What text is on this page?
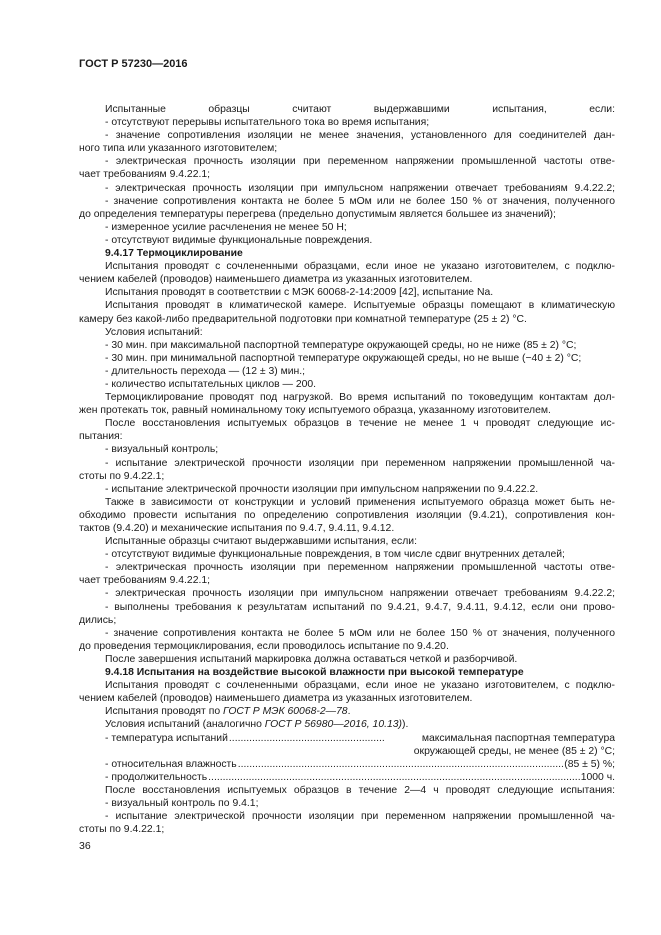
ГОСТ Р 57230—2016

Испытанные образцы считают выдержавшими испытания, если:

- отсутствуют перерывы испытательного тока во время испытания;

- значение сопротивления изоляции не менее значения, установленного для соединителей дан-

ного типа или указанного изготовителем;

- электрическая прочность изоляции при переменном напряжении промышленной частоты отве-

чает требованиям 9.4.22.1;

- электрическая прочность изоляции при импульсном напряжении отвечает требованиям 9.4.22.2;

- значение сопротивления контакта не более 5 мОм или не более 150 % от значения, полученного

до определения температуры перегрева (предельно допустимым является большее из значений);

- измеренное усилие расчленения не менее 50 Н;

- отсутствуют видимые функциональные повреждения.

9.4.17 Термоциклирование

Испытания проводят с сочлененными образцами, если иное не указано изготовителем, с подклю-

чением кабелей (проводов) наименьшего диаметра из указанных изготовителем.

Испытания проводят в соответствии с МЭК 60068-2-14:2009 [42], испытание Na.

Испытания проводят в климатической камере. Испытуемые образцы помещают в климатическую

камеру без какой-либо предварительной подготовки при комнатной температуре (25 ± 2) °С.

Условия испытаний:

- 30 мин. при максимальной паспортной температуре окружающей среды, но не ниже (85 ± 2) °С;

- 30 мин. при минимальной паспортной температуре окружающей среды, но не выше (−40 ± 2) °С;

- длительность перехода — (12 ± 3) мин.;

- количество испытательных циклов — 200.

Термоциклирование проводят под нагрузкой. Во время испытаний по токоведущим контактам дол-

жен протекать ток, равный номинальному току испытуемого образца, указанному изготовителем.

После восстановления испытуемых образцов в течение не менее 1 ч проводят следующие ис-

пытания:

- визуальный контроль;

- испытание электрической прочности изоляции при переменном напряжении промышленной ча-

стоты по 9.4.22.1;

- испытание электрической прочности изоляции при импульсном напряжении по 9.4.22.2.

Также в зависимости от конструкции и условий применения испытуемого образца может быть не-

обходимо провести испытания по определению сопротивления изоляции (9.4.21), сопротивления кон-

тактов (9.4.20) и механические испытания по 9.4.7, 9.4.11, 9.4.12.

Испытанные образцы считают выдержавшими испытания, если:

- отсутствуют видимые функциональные повреждения, в том числе сдвиг внутренних деталей;

- электрическая прочность изоляции при переменном напряжении промышленной частоты отве-

чает требованиям 9.4.22.1;

- электрическая прочность изоляции при импульсном напряжении отвечает требованиям 9.4.22.2;

- выполнены требования к результатам испытаний по 9.4.21, 9.4.7, 9.4.11, 9.4.12, если они прово-

дились;

- значение сопротивления контакта не более 5 мОм или не более 150 % от значения, полученного

до проведения термоциклирования, если проводилось испытание по 9.4.20.

После завершения испытаний маркировка должна оставаться четкой и разборчивой.

9.4.18 Испытания на воздействие высокой влажности при высокой температуре

Испытания проводят с сочлененными образцами, если иное не указано изготовителем, с подклю-

чением кабелей (проводов) наименьшего диаметра из указанных изготовителем.

Испытания проводят по ГОСТ Р МЭК 60068-2—78.

Условия испытаний (аналогично ГОСТ Р 56980—2016, 10.13)).

- температура испытаний .....	максимальная паспортная температура окружающей среды, не менее (85 ± 2) °С;
- относительная влажность .....	(85 ± 5) %;
- продолжительность .....	1000 ч.

После восстановления испытуемых образцов в течение 2—4 ч проводят следующие испытания:

- визуальный контроль по 9.4.1;

- испытание электрической прочности изоляции при переменном напряжении промышленной ча-

стоты по 9.4.22.1;

36
